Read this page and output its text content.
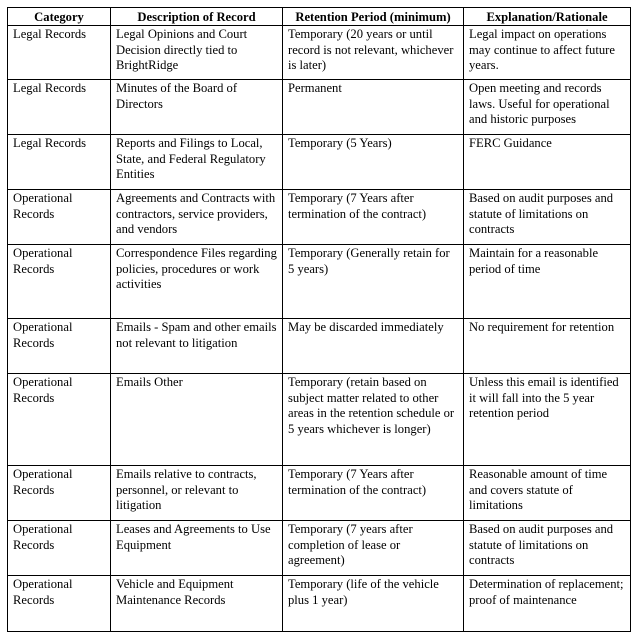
Category	Description of Record	Retention Period (minimum)	Explanation/Rationale
Legal Records	Legal Opinions and Court Decision directly tied to BrightRidge	Temporary (20 years or until record is not relevant, whichever is later)	Legal impact on operations may continue to affect future years.
Legal Records	Minutes of the Board of Directors	Permanent	Open meeting and records laws. Useful for operational and historic purposes
Legal Records	Reports and Filings to Local, State, and Federal Regulatory Entities	Temporary (5 Years)	FERC Guidance
Operational Records	Agreements and Contracts with contractors, service providers, and vendors	Temporary (7 Years after termination of the contract)	Based on audit purposes and statute of limitations on contracts
Operational Records	Correspondence Files regarding policies, procedures or work activities	Temporary (Generally retain for 5 years)	Maintain for a reasonable period of time
Operational Records	Emails - Spam and other emails not relevant to litigation	May be discarded immediately	No requirement for retention
Operational Records	Emails Other	Temporary (retain based on subject matter related to other areas in the retention schedule or 5 years whichever is longer)	Unless this email is identified it will fall into the 5 year retention period
Operational Records	Emails relative to contracts, personnel, or relevant to litigation	Temporary (7 Years after termination of the contract)	Reasonable amount of time and covers statute of limitations
Operational Records	Leases and Agreements to Use Equipment	Temporary (7 years after completion of lease or agreement)	Based on audit purposes and statute of limitations on contracts
Operational Records	Vehicle and Equipment Maintenance Records	Temporary (life of the vehicle plus 1 year)	Determination of replacement; proof of maintenance
